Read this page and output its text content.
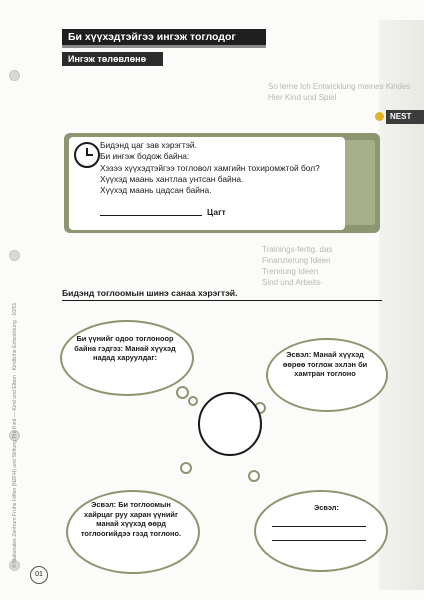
Би хүүхэдтэйгээ ингэж тоглодог
Ингэж төлөвлөнө
So lerne Ich Entwicklung meines Kindes
Hier Kind und Spiel
Trainings-fertig. das
Finanzierung Ideen
Trennung Ideen
Sind und Arbeits-
NEST
Бидэнд цаг зав хэрэгтэй.
Би ингэж бодож байна:
Хэзээ хүүхэдтэйгээ тогловол хамгийн тохиромжтой бол?
Хүүхэд маань хантлаа унтсан байна.
Хүүхэд маань цадсан байна.
Цагт
Бидэнд тоглоомын шинэ санаа хэрэгтэй.
Би үүнийг одоо тоглоноор байна гэдгэз: Манай хүүхэд надад харуулдаг:	Эсвэл: Манай хүүхэд өөрөө тоглож эхлэн би хамтран тоглоно
Эсвэл: Би тоглоомын хайрцаг руу харан үүнийг манай хүүхэд өөрд тоглоогийдээ гэзд тоглоно.
Эсвэл:
© Nationales Zentrum Frühe Hilfen (NZFH) und Stiftung Pro Kind — Kind und Eltern · Kindliche Entwicklung · 10/01
01
